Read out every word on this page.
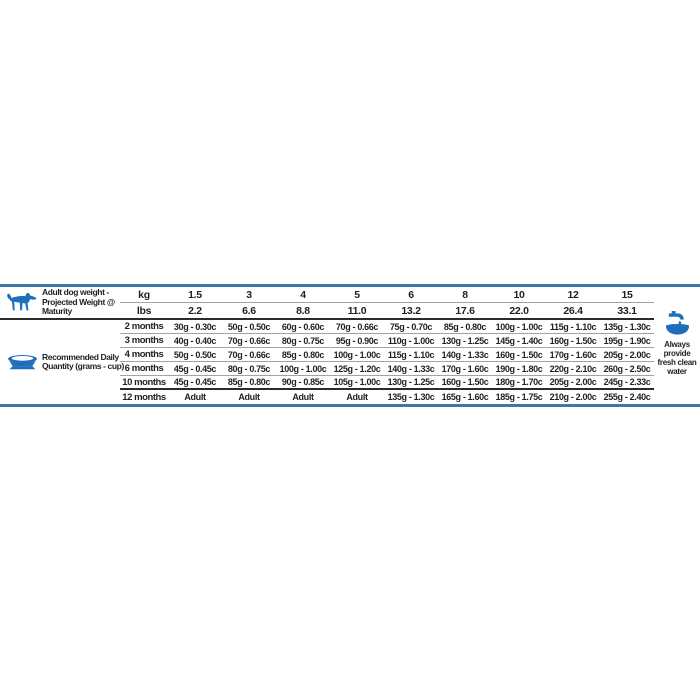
Adult dog weight -
Projected Weight @
Maturity
Recommended Daily
Quantity (grams - cup)
kg	1.5	3	4	5	6	8	10	12	15
lbs	2.2	6.6	8.8	11.0	13.2	17.6	22.0	26.4	33.1
2 months	30g - 0.30c	50g - 0.50c	60g - 0.60c	70g - 0.66c	75g - 0.70c	85g - 0.80c	100g - 1.00c 115g - 1.10c 135g - 1.30c
3 months	40g - 0.40c	70g - 0.66c	80g - 0.75c	95g - 0.90c	110g - 1.00c 130g - 1.25c 145g - 1.40c 160g - 1.50c 195g - 1.90c
4 months	50g - 0.50c	70g - 0.66c	85g - 0.80c	100g - 1.00c 115g - 1.10c 140g - 1.33c 160g - 1.50c 170g - 1.60c 205g - 2.00c
6 months	45g - 0.45c	80g - 0.75c	100g - 1.00c 125g - 1.20c 140g - 1.33c 170g - 1.60c 190g - 1.80c 220g - 2.10c 260g - 2.50c
10 months 45g - 0.45c	85g - 0.80c	90g - 0.85c	105g - 1.00c 130g - 1.25c 160g - 1.50c 180g - 1.70c 205g - 2.00c 245g - 2.33c
12 months	Adult	Adult	Adult	Adult	135g - 1.30c 165g - 1.60c 185g - 1.75c 210g - 2.00c 255g - 2.40c
Always
provide
fresh clean
water
